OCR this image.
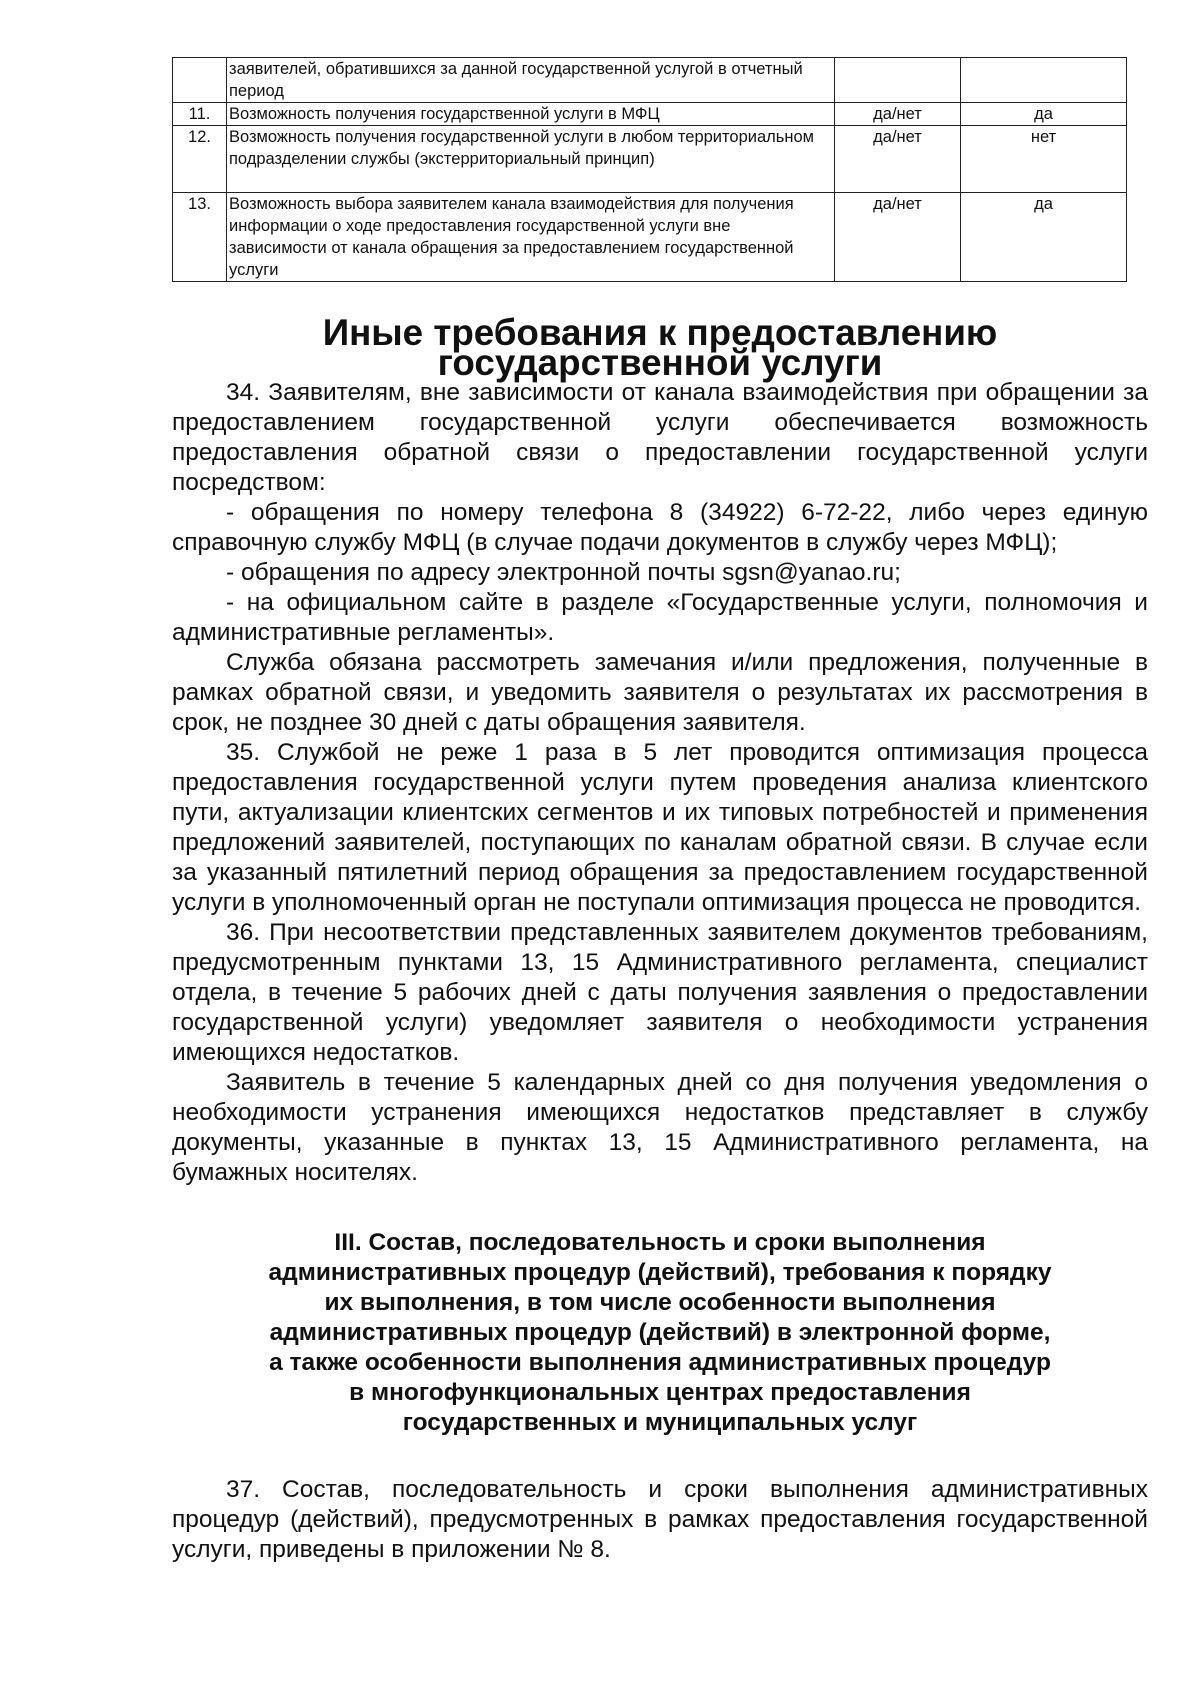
	заявителей, обратившихся за данной государственной услугой в отчетный период		
11.	Возможность получения государственной услуги в МФЦ	да/нет	да
12.	Возможность получения государственной услуги в любом территориальном подразделении службы (экстерриториальный принцип)	да/нет	нет
13.	Возможность выбора заявителем канала взаимодействия для получения информации о ходе предоставления государственной услуги вне зависимости от канала обращения за предоставлением государственной услуги	да/нет	да
Иные требования к предоставлению государственной услуги

34. Заявителям, вне зависимости от канала взаимодействия при обращении за предоставлением государственной услуги обеспечивается возможность предоставления обратной связи о предоставлении государственной услуги посредством:

- обращения по номеру телефона 8 (34922) 6-72-22, либо через единую справочную службу МФЦ (в случае подачи документов в службу через МФЦ);

- обращения по адресу электронной почты sgsn@yanao.ru;

- на официальном сайте в разделе «Государственные услуги, полномочия и административные регламенты».

Служба обязана рассмотреть замечания и/или предложения, полученные в рамках обратной связи, и уведомить заявителя о результатах их рассмотрения в срок, не позднее 30 дней с даты обращения заявителя.

35. Службой не реже 1 раза в 5 лет проводится оптимизация процесса предоставления государственной услуги путем проведения анализа клиентского пути, актуализации клиентских сегментов и их типовых потребностей и применения предложений заявителей, поступающих по каналам обратной связи. В случае если за указанный пятилетний период обращения за предоставлением государственной услуги в уполномоченный орган не поступали оптимизация процесса не проводится.

36. При несоответствии представленных заявителем документов требованиям, предусмотренным пунктами 13, 15 Административного регламента, специалист отдела, в течение 5 рабочих дней с даты получения заявления о предоставлении государственной услуги) уведомляет заявителя о необходимости устранения имеющихся недостатков.

Заявитель в течение 5 календарных дней со дня получения уведомления о необходимости устранения имеющихся недостатков представляет в службу документы, указанные в пунктах 13, 15 Административного регламента, на бумажных носителях.

III. Состав, последовательность и сроки выполнения
административных процедур (действий), требования к порядку
их выполнения, в том числе особенности выполнения
административных процедур (действий) в электронной форме,
а также особенности выполнения административных процедур
в многофункциональных центрах предоставления
государственных и муниципальных услуг

37. Состав, последовательность и сроки выполнения административных процедур (действий), предусмотренных в рамках предоставления государственной услуги, приведены в приложении № 8.
